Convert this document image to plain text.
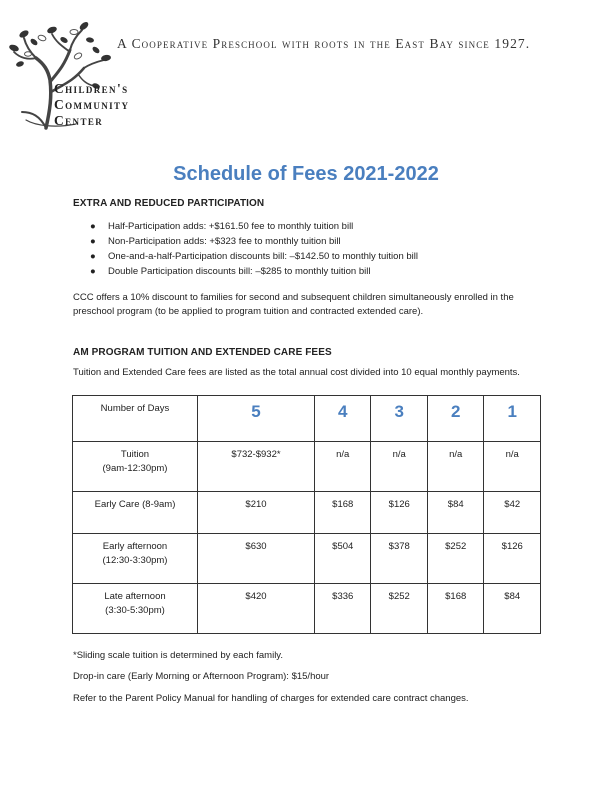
A Cooperative Preschool with roots in the East Bay since 1927.
Children's
Community
Center
Schedule of Fees 2021-2022
EXTRA AND REDUCED PARTICIPATION
● Half-Participation adds: +$161.50 fee to monthly tuition bill
● Non-Participation adds: +$323 fee to monthly tuition bill
● One-and-a-half-Participation discounts bill: –$142.50 to monthly tuition bill
● Double Participation discounts bill: –$285 to monthly tuition bill
CCC offers a 10% discount to families for second and subsequent children simultaneously enrolled in the preschool program (to be applied to program tuition and contracted extended care).
AM PROGRAM TUITION AND EXTENDED CARE FEES
Tuition and Extended Care fees are listed as the total annual cost divided into 10 equal monthly payments.
Number of Days	5	4	3	2	1

Tuition
(9am-12:30pm)	$732-$932*	n/a	n/a	n/a	n/a

Early Care (8-9am)	$210	$168	$126	$84	$42

Early afternoon
(12:30-3:30pm)	$630	$504	$378	$252	$126

Late afternoon
(3:30-5:30pm)	$420	$336	$252	$168	$84
*Sliding scale tuition is determined by each family.
Drop-in care (Early Morning or Afternoon Program): $15/hour
Refer to the Parent Policy Manual for handling of charges for extended care contract changes.
